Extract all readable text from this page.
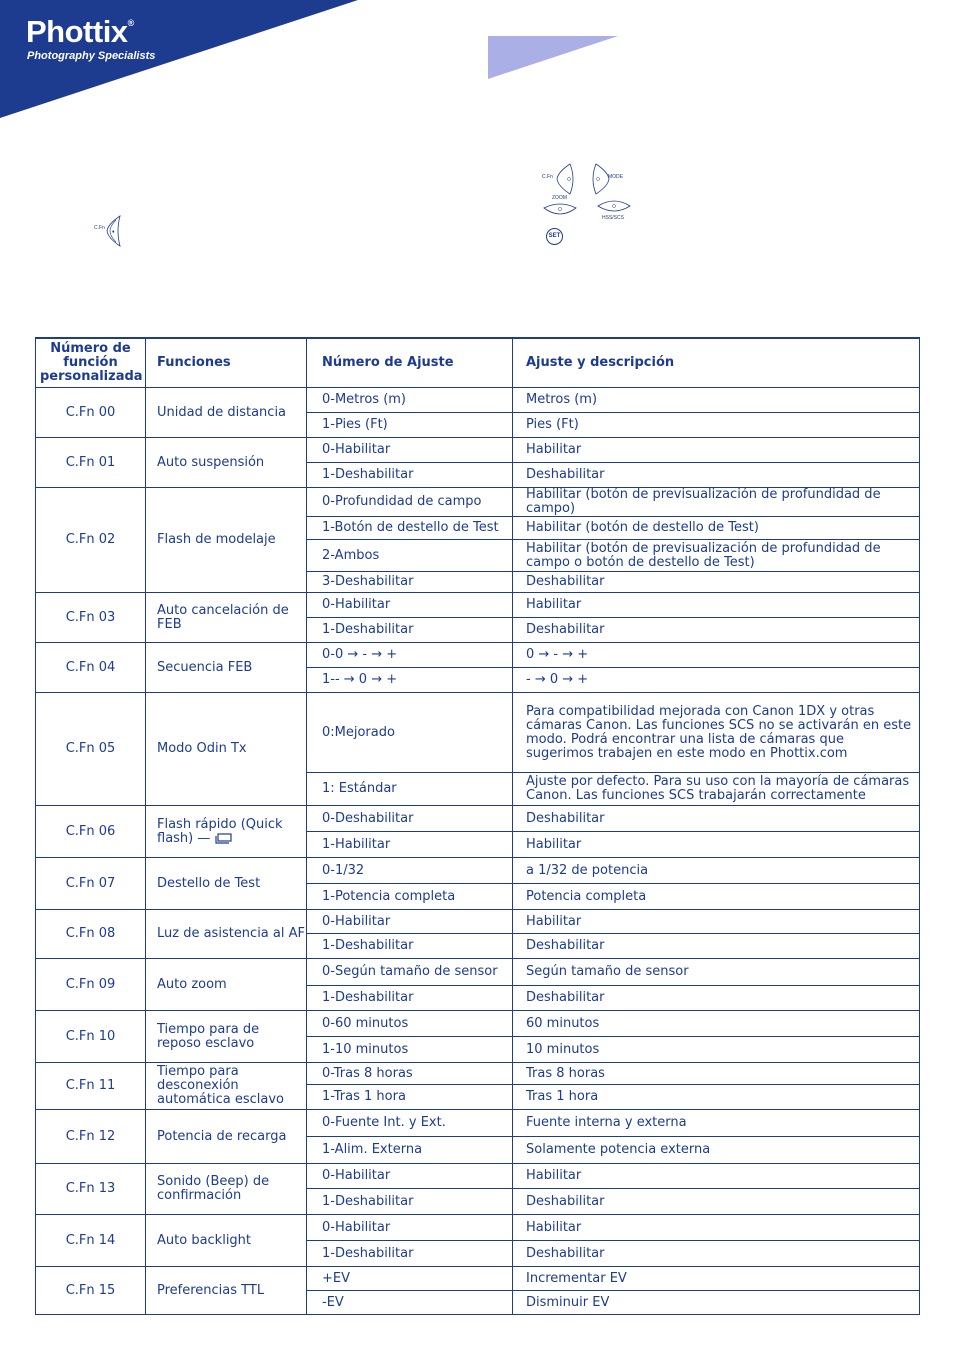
Phottix®
Photography Specialists
C.Fn
♦
C.Fn	MODE
ZOOM
HSS/SCS
SET
Número de función personalizada	Funciones	Número de Ajuste	Ajuste y descripción
C.Fn 00	Unidad de distancia	0-Metros (m)	Metros (m)
		1-Pies (Ft)	Pies (Ft)
C.Fn 01	Auto suspensión	0-Habilitar	Habilitar
		1-Deshabilitar	Deshabilitar
C.Fn 02	Flash de modelaje	0-Profundidad de campo	Habilitar (botón de previsualización de profundidad de campo)
		1-Botón de destello de Test	Habilitar (botón de destello de Test)
		2-Ambos	Habilitar (botón de previsualización de profundidad de campo o botón de destello de Test)
		3-Deshabilitar	Deshabilitar
C.Fn 03	Auto cancelación de FEB	0-Habilitar	Habilitar
		1-Deshabilitar	Deshabilitar
C.Fn 04	Secuencia FEB	0-0 → - → +	0 → - → +
		1-- → 0 → +	- → 0 → +
C.Fn 05	Modo Odin Tx	0:Mejorado	Para compatibilidad mejorada con Canon 1DX y otras cámaras Canon. Las funciones SCS no se activarán en este modo. Podrá encontrar una lista de cámaras que sugerimos trabajen en este modo en Phottix.com
		1: Estándar	Ajuste por defecto. Para su uso con la mayoría de cámaras Canon. Las funciones SCS trabajarán correctamente
C.Fn 06	Flash rápido (Quick flash) —	0-Deshabilitar	Deshabilitar
		1-Habilitar	Habilitar
C.Fn 07	Destello de Test	0-1/32	a 1/32 de potencia
		1-Potencia completa	Potencia completa
C.Fn 08	Luz de asistencia al AF	0-Habilitar	Habilitar
		1-Deshabilitar	Deshabilitar
C.Fn 09	Auto zoom	0-Según tamaño de sensor	Según tamaño de sensor
		1-Deshabilitar	Deshabilitar
C.Fn 10	Tiempo para de reposo esclavo	0-60 minutos	60 minutos
		1-10 minutos	10 minutos
C.Fn 11	Tiempo para desconexión automática esclavo	0-Tras 8 horas	Tras 8 horas
		1-Tras 1 hora	Tras 1 hora
C.Fn 12	Potencia de recarga	0-Fuente Int. y Ext.	Fuente interna y externa
		1-Alim. Externa	Solamente potencia externa
C.Fn 13	Sonido (Beep) de confirmación	0-Habilitar	Habilitar
		1-Deshabilitar	Deshabilitar
C.Fn 14	Auto backlight	0-Habilitar	Habilitar
		1-Deshabilitar	Deshabilitar
C.Fn 15	Preferencias TTL	+EV	Incrementar EV
		-EV	Disminuir EV
